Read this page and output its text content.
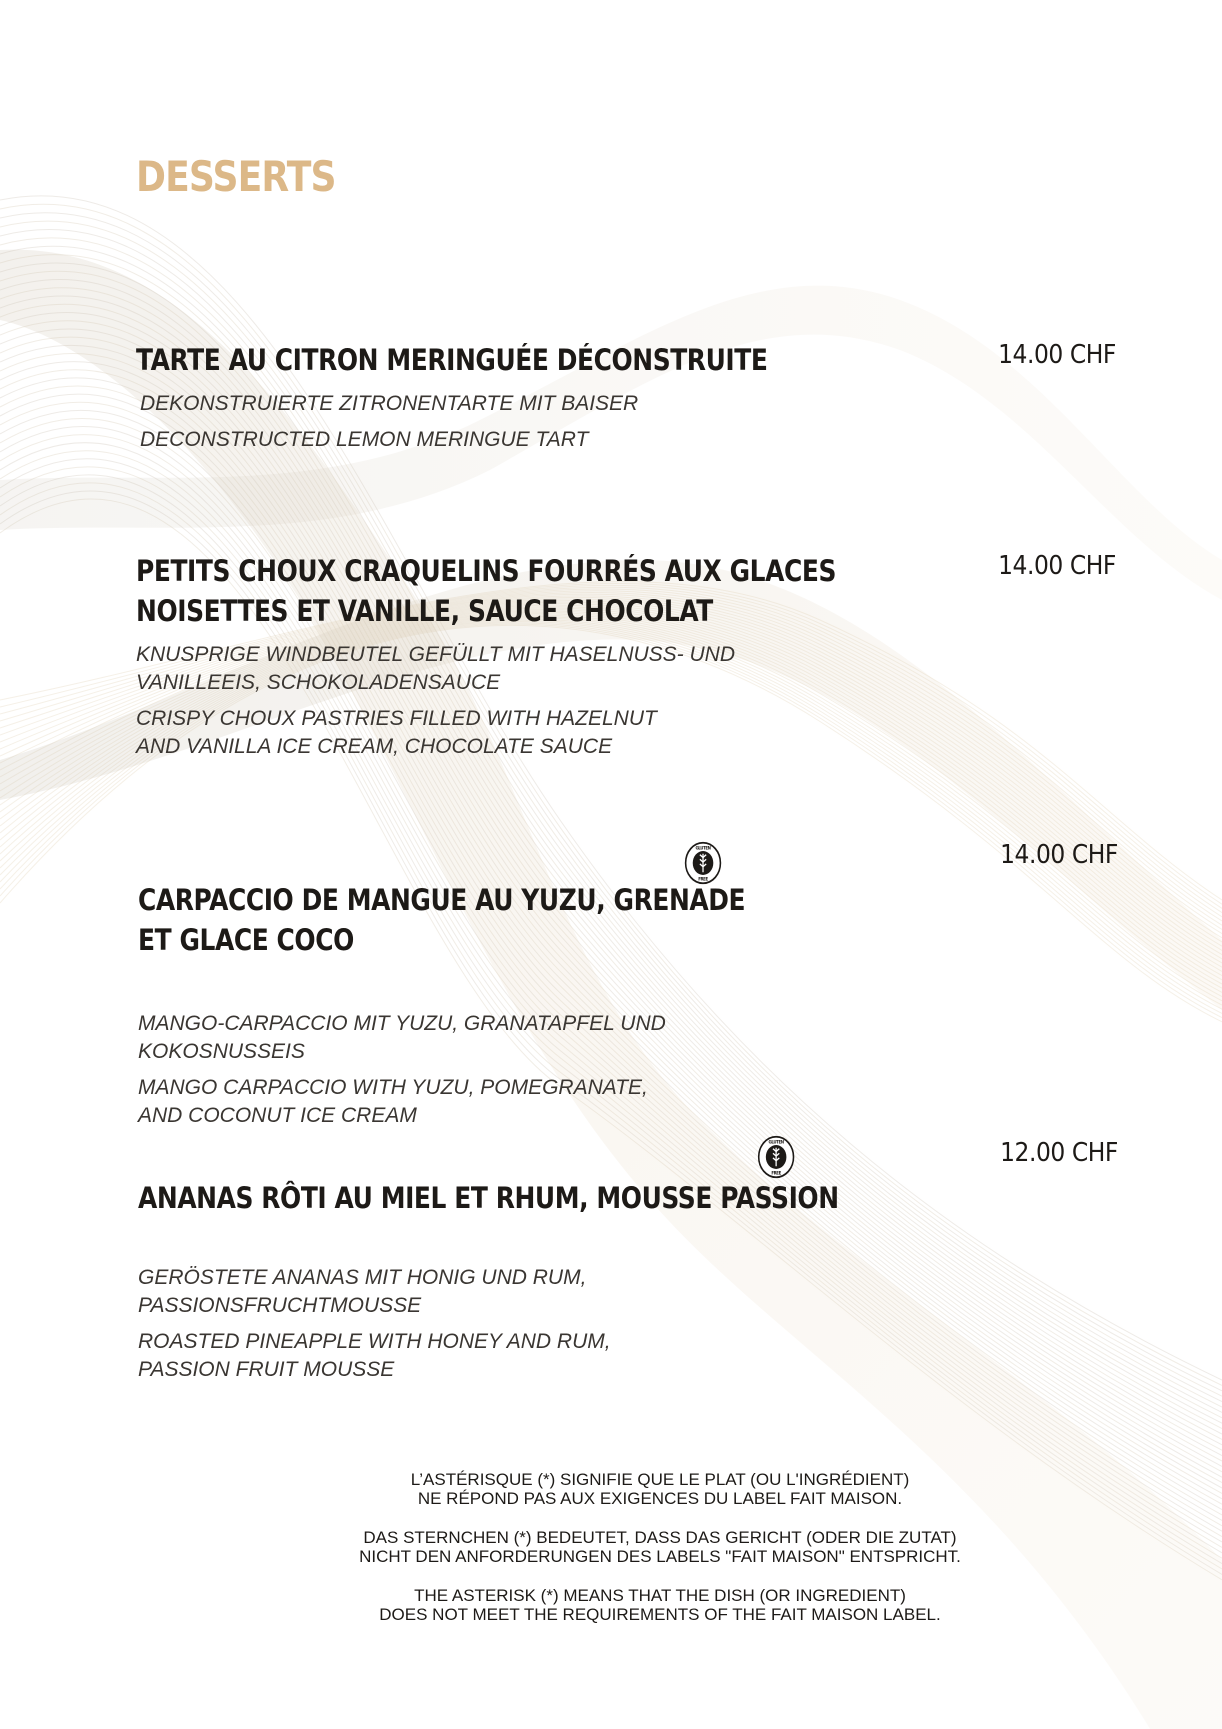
DESSERTS
TARTE AU CITRON MERINGUÉE DÉCONSTRUITE	14.00 CHF
DEKONSTRUIERTE ZITRONENTARTE MIT BAISER
DECONSTRUCTED LEMON MERINGUE TART
PETITS CHOUX CRAQUELINS FOURRÉS AUX GLACES
NOISETTES ET VANILLE, SAUCE CHOCOLAT
14.00 CHF
KNUSPRIGE WINDBEUTEL GEFÜLLT MIT HASELNUSS- UND
VANILLEEIS, SCHOKOLADENSAUCE
CRISPY CHOUX PASTRIES FILLED WITH HAZELNUT
AND VANILLA ICE CREAM, CHOCOLATE SAUCE

CARPACCIO DE MANGUE AU YUZU, GRENADE
ET GLACE COCO

GLUTEN
FREE

14.00 CHF
MANGO-CARPACCIO MIT YUZU, GRANATAPFEL UND
KOKOSNUSSEIS
MANGO CARPACCIO WITH YUZU, POMEGRANATE,
AND COCONUT ICE CREAM

ANANAS RÔTI AU MIEL ET RHUM, MOUSSE PASSION

GLUTEN
FREE

12.00 CHF
GERÖSTETE ANANAS MIT HONIG UND RUM,
PASSIONSFRUCHTMOUSSE
ROASTED PINEAPPLE WITH HONEY AND RUM,
PASSION FRUIT MOUSSE

L’ASTÉRISQUE (*) SIGNIFIE QUE LE PLAT (OU L'INGRÉDIENT)
NE RÉPOND PAS AUX EXIGENCES DU LABEL FAIT MAISON.

DAS STERNCHEN (*) BEDEUTET, DASS DAS GERICHT (ODER DIE ZUTAT)
NICHT DEN ANFORDERUNGEN DES LABELS "FAIT MAISON" ENTSPRICHT.

THE ASTERISK (*) MEANS THAT THE DISH (OR INGREDIENT)
DOES NOT MEET THE REQUIREMENTS OF THE FAIT MAISON LABEL.
